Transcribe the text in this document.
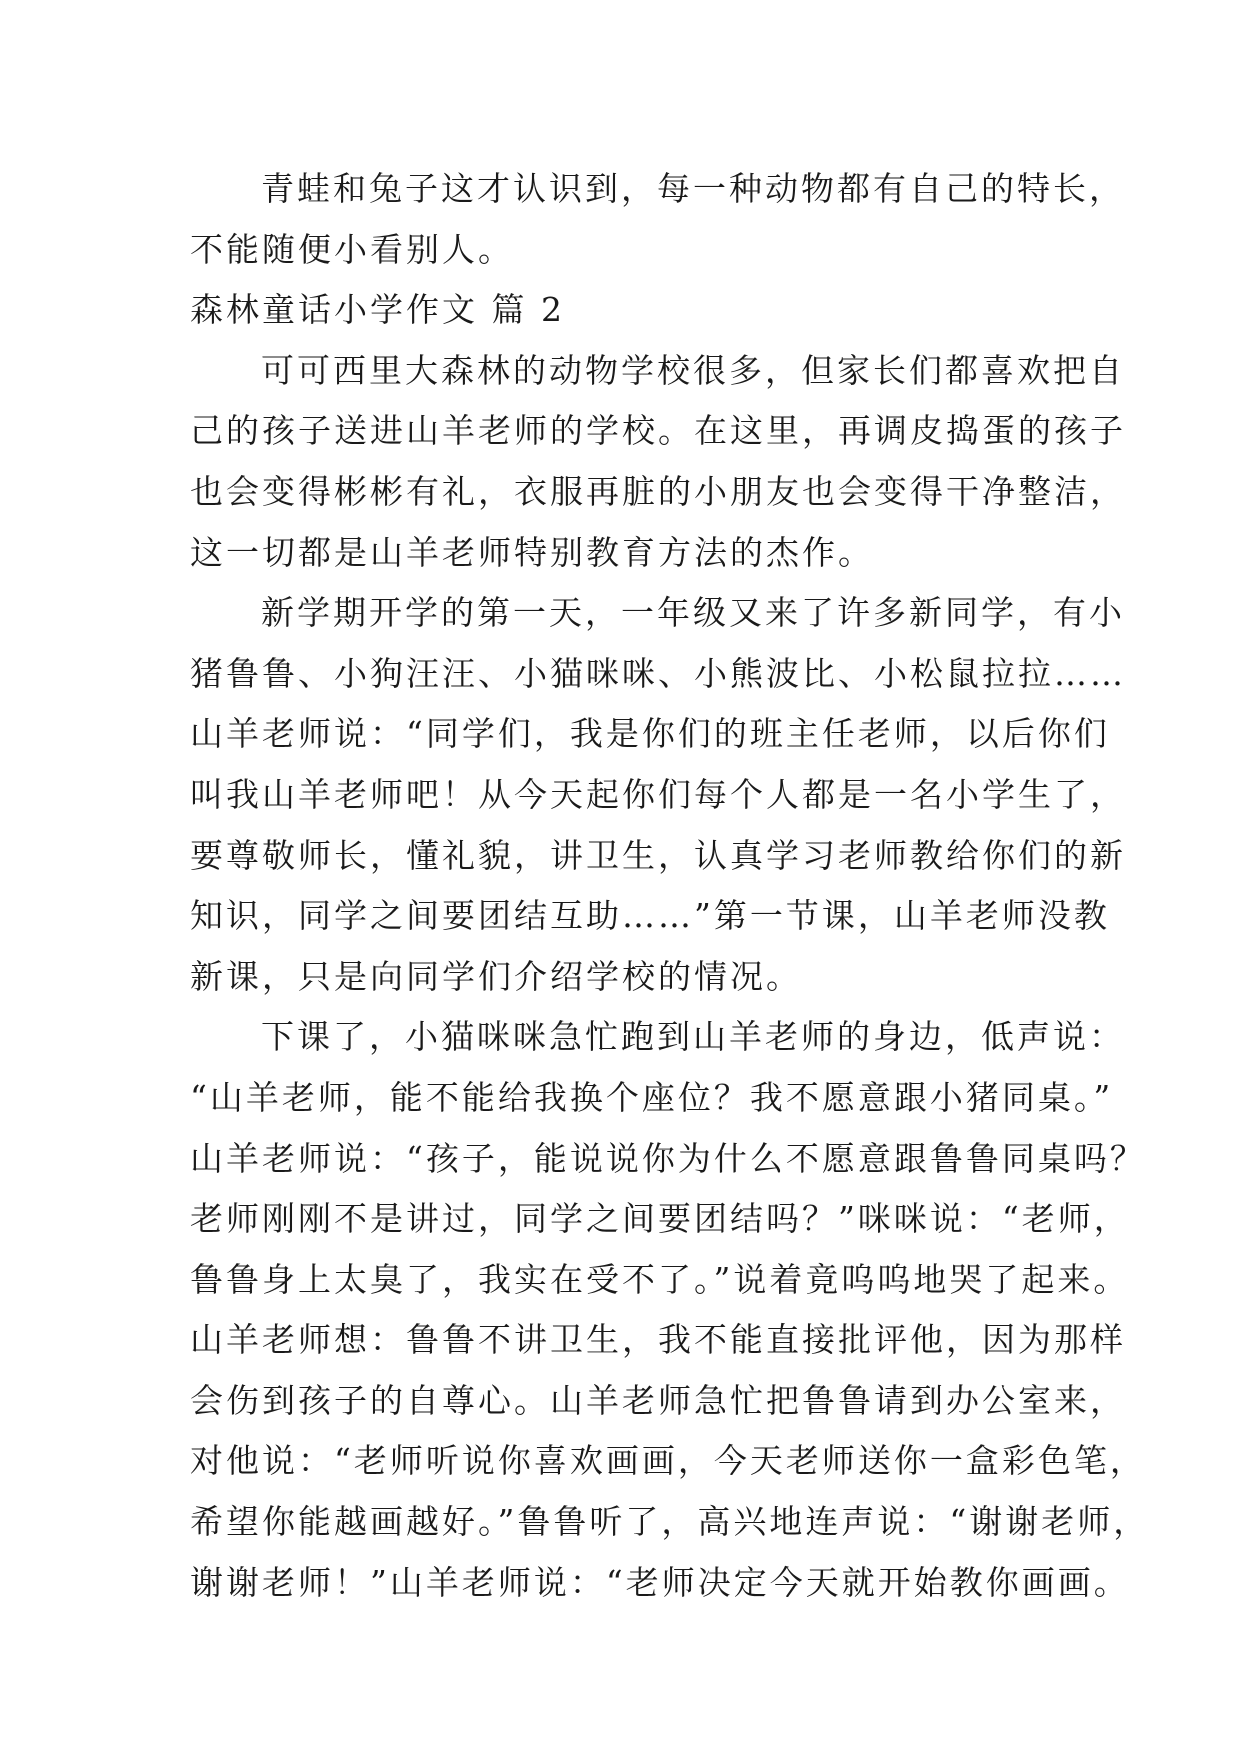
青蛙和兔子这才认识到，每一种动物都有自己的特长，
不能随便小看别人。
森林童话小学作文 篇 2
可可西里大森林的动物学校很多，但家长们都喜欢把自
己的孩子送进山羊老师的学校。在这里，再调皮捣蛋的孩子
也会变得彬彬有礼，衣服再脏的小朋友也会变得干净整洁，
这一切都是山羊老师特别教育方法的杰作。
新学期开学的第一天，一年级又来了许多新同学，有小
猪鲁鲁、小狗汪汪、小猫咪咪、小熊波比、小松鼠拉拉……
山羊老师说：“同学们，我是你们的班主任老师，以后你们
叫我山羊老师吧！从今天起你们每个人都是一名小学生了，
要尊敬师长，懂礼貌，讲卫生，认真学习老师教给你们的新
知识，同学之间要团结互助……”第一节课，山羊老师没教
新课，只是向同学们介绍学校的情况。
下课了，小猫咪咪急忙跑到山羊老师的身边，低声说：
“山羊老师，能不能给我换个座位？我不愿意跟小猪同桌。”
山羊老师说：“孩子，能说说你为什么不愿意跟鲁鲁同桌吗？
老师刚刚不是讲过，同学之间要团结吗？”咪咪说：“老师，
鲁鲁身上太臭了，我实在受不了。”说着竟呜呜地哭了起来。
山羊老师想：鲁鲁不讲卫生，我不能直接批评他，因为那样
会伤到孩子的自尊心。山羊老师急忙把鲁鲁请到办公室来，
对他说：“老师听说你喜欢画画，今天老师送你一盒彩色笔，
希望你能越画越好。”鲁鲁听了，高兴地连声说：“谢谢老师，
谢谢老师！”山羊老师说：“老师决定今天就开始教你画画。
